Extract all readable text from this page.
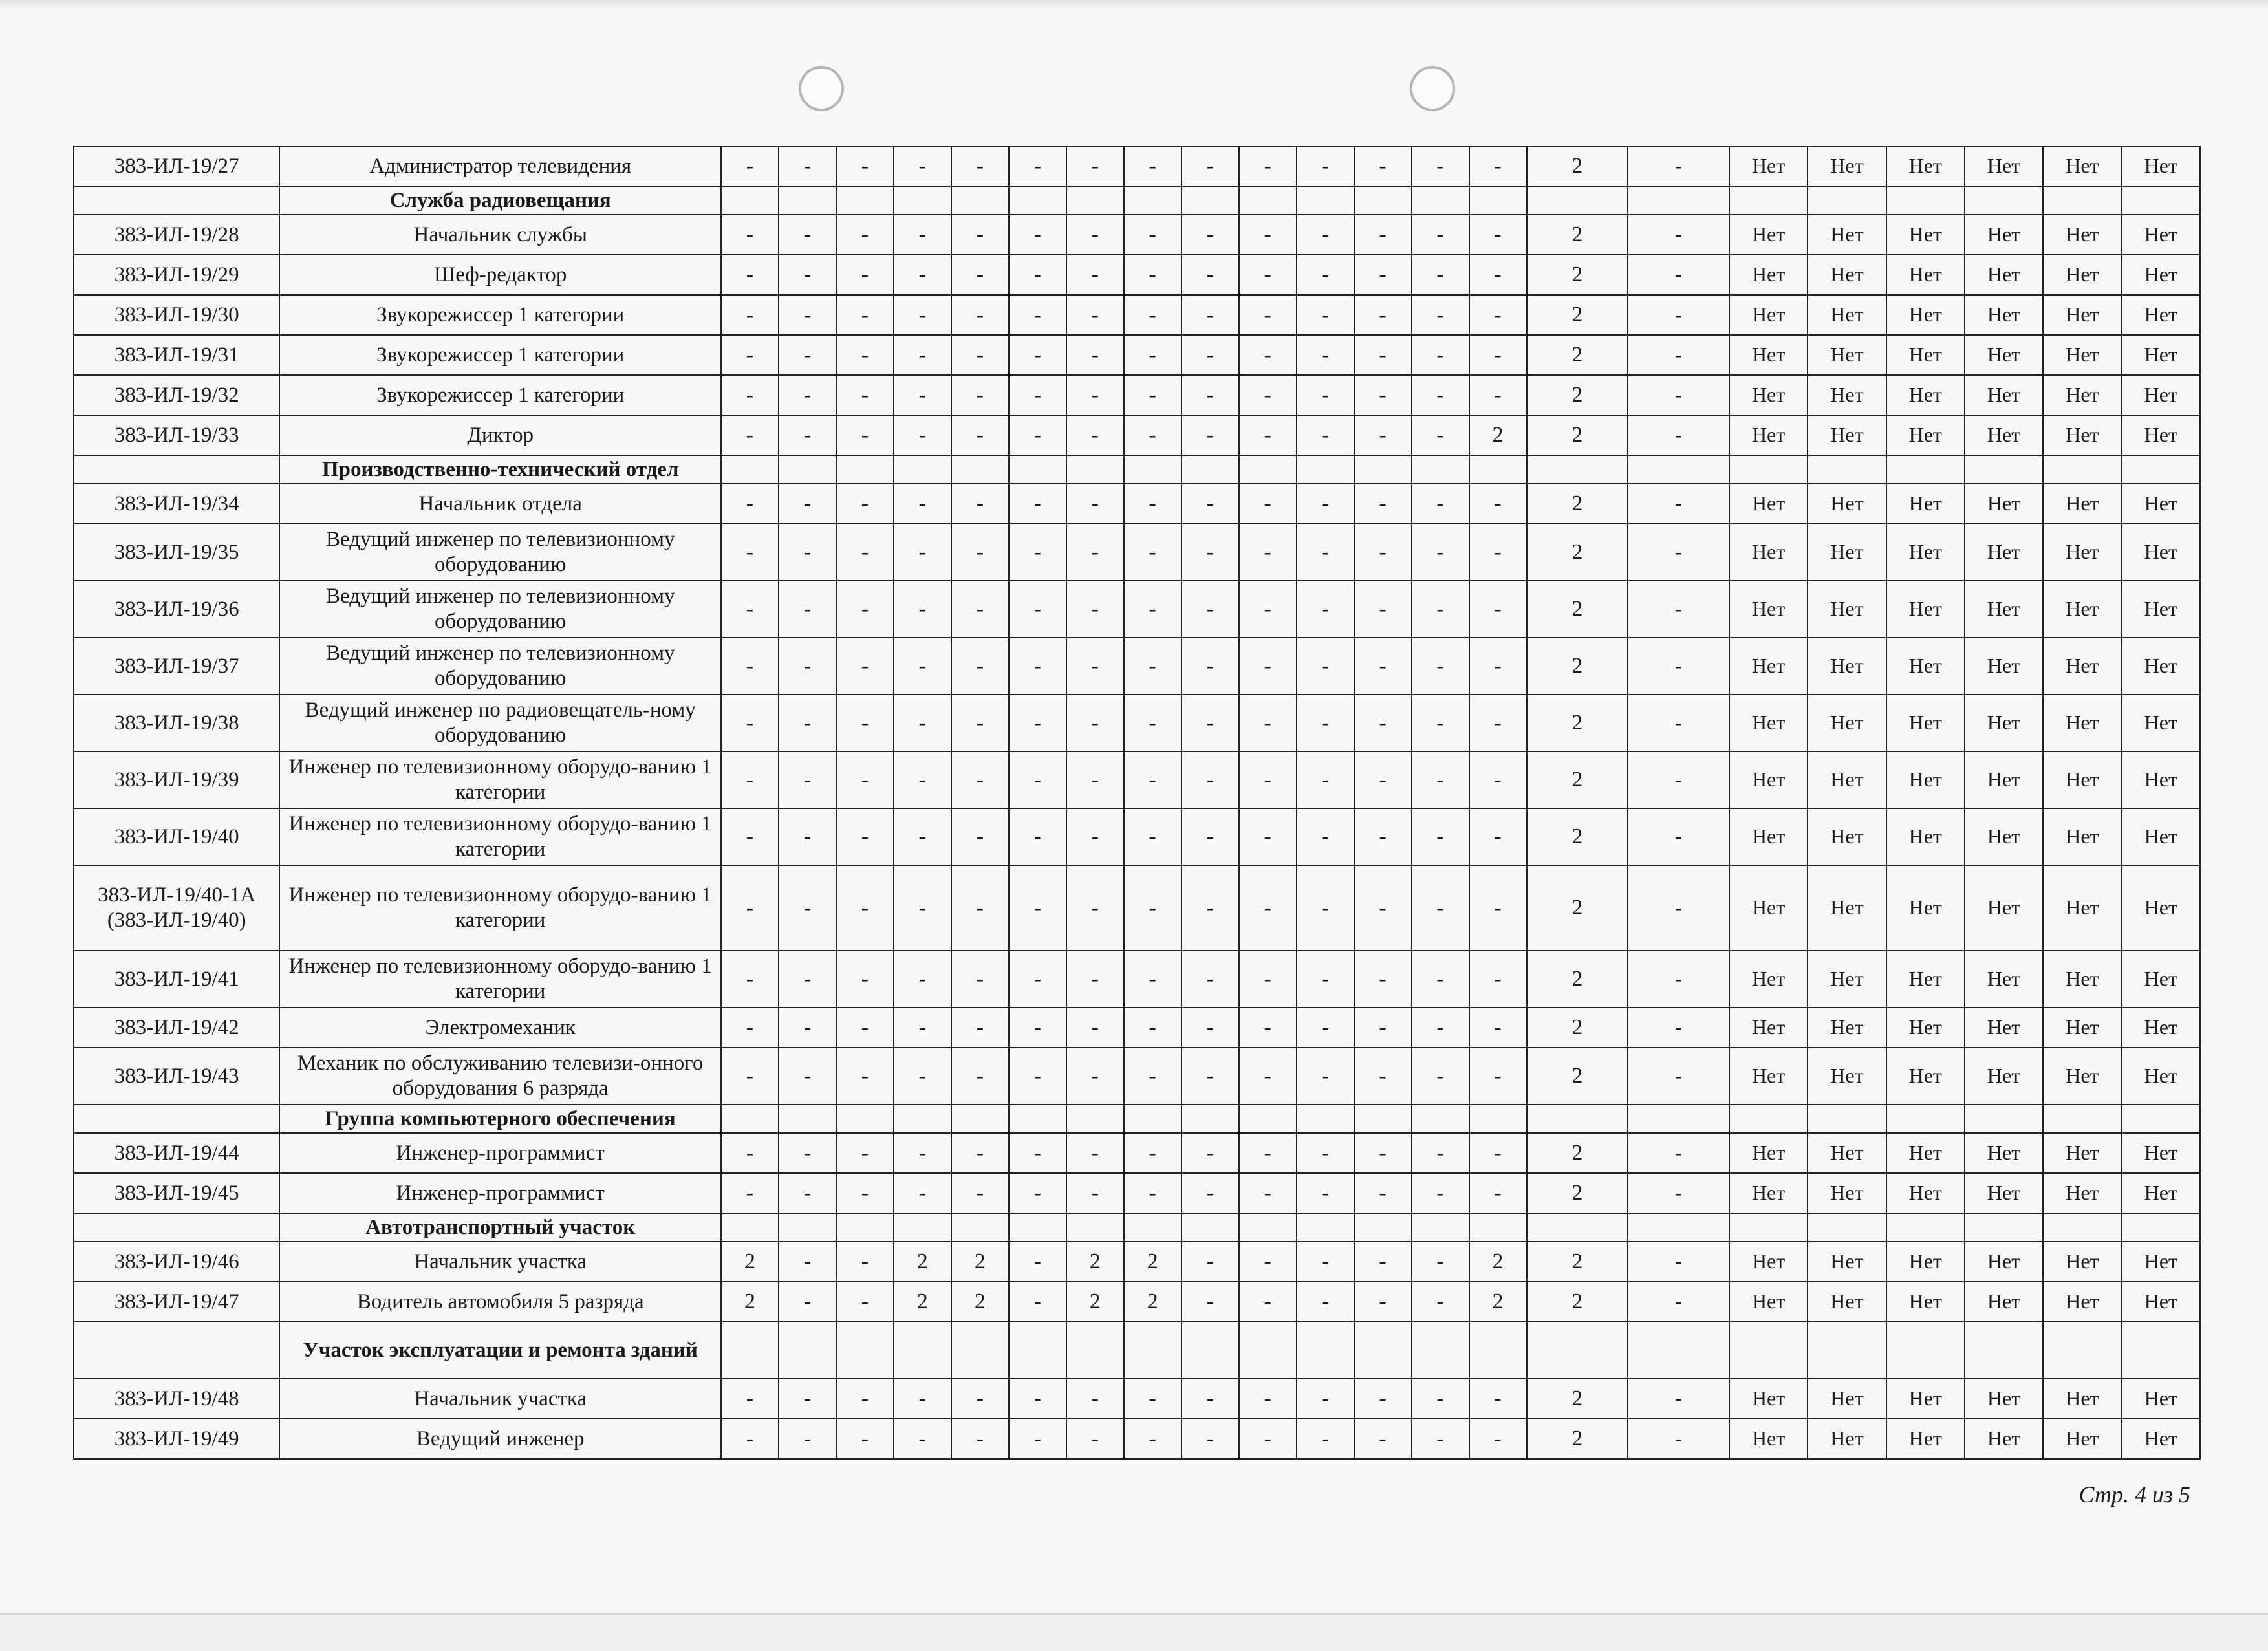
383-ИЛ-19/27	Администратор телевидения	-	-	-	-	-	-	-	-	-	-	-	-	-	-	2	-	Нет	Нет	Нет	Нет	Нет	Нет
	Служба радиовещания																						
383-ИЛ-19/28	Начальник службы	-	-	-	-	-	-	-	-	-	-	-	-	-	-	2	-	Нет	Нет	Нет	Нет	Нет	Нет
383-ИЛ-19/29	Шеф-редактор	-	-	-	-	-	-	-	-	-	-	-	-	-	-	2	-	Нет	Нет	Нет	Нет	Нет	Нет
383-ИЛ-19/30	Звукорежиссер 1 категории	-	-	-	-	-	-	-	-	-	-	-	-	-	-	2	-	Нет	Нет	Нет	Нет	Нет	Нет
383-ИЛ-19/31	Звукорежиссер 1 категории	-	-	-	-	-	-	-	-	-	-	-	-	-	-	2	-	Нет	Нет	Нет	Нет	Нет	Нет
383-ИЛ-19/32	Звукорежиссер 1 категории	-	-	-	-	-	-	-	-	-	-	-	-	-	-	2	-	Нет	Нет	Нет	Нет	Нет	Нет
383-ИЛ-19/33	Диктор	-	-	-	-	-	-	-	-	-	-	-	-	-	2	2	-	Нет	Нет	Нет	Нет	Нет	Нет
	Производственно-технический отдел																						
383-ИЛ-19/34	Начальник отдела	-	-	-	-	-	-	-	-	-	-	-	-	-	-	2	-	Нет	Нет	Нет	Нет	Нет	Нет
383-ИЛ-19/35	Ведущий инженер по телевизионному оборудованию	-	-	-	-	-	-	-	-	-	-	-	-	-	-	2	-	Нет	Нет	Нет	Нет	Нет	Нет
383-ИЛ-19/36	Ведущий инженер по телевизионному оборудованию	-	-	-	-	-	-	-	-	-	-	-	-	-	-	2	-	Нет	Нет	Нет	Нет	Нет	Нет
383-ИЛ-19/37	Ведущий инженер по телевизионному оборудованию	-	-	-	-	-	-	-	-	-	-	-	-	-	-	2	-	Нет	Нет	Нет	Нет	Нет	Нет
383-ИЛ-19/38	Ведущий инженер по радиовещатель-ному оборудованию	-	-	-	-	-	-	-	-	-	-	-	-	-	-	2	-	Нет	Нет	Нет	Нет	Нет	Нет
383-ИЛ-19/39	Инженер по телевизионному оборудо-ванию 1 категории	-	-	-	-	-	-	-	-	-	-	-	-	-	-	2	-	Нет	Нет	Нет	Нет	Нет	Нет
383-ИЛ-19/40	Инженер по телевизионному оборудо-ванию 1 категории	-	-	-	-	-	-	-	-	-	-	-	-	-	-	2	-	Нет	Нет	Нет	Нет	Нет	Нет
383-ИЛ-19/40-1А (383-ИЛ-19/40)	Инженер по телевизионному оборудо-ванию 1 категории	-	-	-	-	-	-	-	-	-	-	-	-	-	-	2	-	Нет	Нет	Нет	Нет	Нет	Нет
383-ИЛ-19/41	Инженер по телевизионному оборудо-ванию 1 категории	-	-	-	-	-	-	-	-	-	-	-	-	-	-	2	-	Нет	Нет	Нет	Нет	Нет	Нет
383-ИЛ-19/42	Электромеханик	-	-	-	-	-	-	-	-	-	-	-	-	-	-	2	-	Нет	Нет	Нет	Нет	Нет	Нет
383-ИЛ-19/43	Механик по обслуживанию телевизи-онного оборудования 6 разряда	-	-	-	-	-	-	-	-	-	-	-	-	-	-	2	-	Нет	Нет	Нет	Нет	Нет	Нет
	Группа компьютерного обеспечения																						
383-ИЛ-19/44	Инженер-программист	-	-	-	-	-	-	-	-	-	-	-	-	-	-	2	-	Нет	Нет	Нет	Нет	Нет	Нет
383-ИЛ-19/45	Инженер-программист	-	-	-	-	-	-	-	-	-	-	-	-	-	-	2	-	Нет	Нет	Нет	Нет	Нет	Нет
	Автотранспортный участок																						
383-ИЛ-19/46	Начальник участка	2	-	-	2	2	-	2	2	-	-	-	-	-	2	2	-	Нет	Нет	Нет	Нет	Нет	Нет
383-ИЛ-19/47	Водитель автомобиля 5 разряда	2	-	-	2	2	-	2	2	-	-	-	-	-	2	2	-	Нет	Нет	Нет	Нет	Нет	Нет
	Участок эксплуатации и ремонта зданий																						
383-ИЛ-19/48	Начальник участка	-	-	-	-	-	-	-	-	-	-	-	-	-	-	2	-	Нет	Нет	Нет	Нет	Нет	Нет
383-ИЛ-19/49	Ведущий инженер	-	-	-	-	-	-	-	-	-	-	-	-	-	-	2	-	Нет	Нет	Нет	Нет	Нет	Нет
Стр. 4 из 5
